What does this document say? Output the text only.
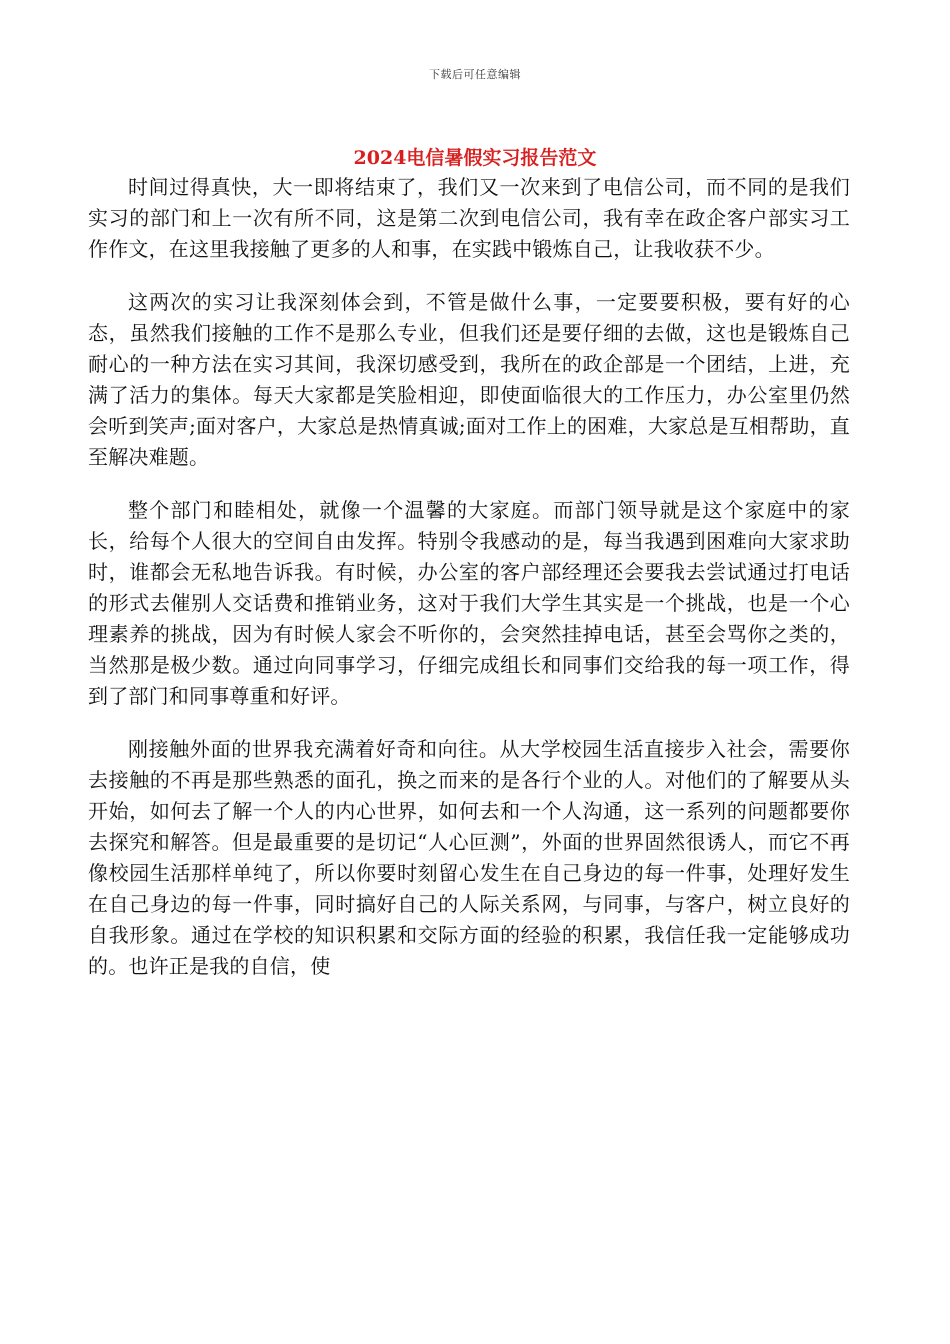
下载后可任意编辑
2024电信暑假实习报告范文

时间过得真快，大一即将结束了，我们又一次来到了电信公司，而不同的是我们实习的部门和上一次有所不同，这是第二次到电信公司，我有幸在政企客户部实习工作作文，在这里我接触了更多的人和事，在实践中锻炼自己，让我收获不少。

这两次的实习让我深刻体会到，不管是做什么事，一定要要积极，要有好的心态，虽然我们接触的工作不是那么专业，但我们还是要仔细的去做，这也是锻炼自己耐心的一种方法在实习其间，我深切感受到，我所在的政企部是一个团结，上进，充满了活力的集体。每天大家都是笑脸相迎，即使面临很大的工作压力，办公室里仍然会听到笑声;面对客户，大家总是热情真诚;面对工作上的困难，大家总是互相帮助，直至解决难题。

整个部门和睦相处，就像一个温馨的大家庭。而部门领导就是这个家庭中的家长，给每个人很大的空间自由发挥。特别令我感动的是，每当我遇到困难向大家求助时，谁都会无私地告诉我。有时候，办公室的客户部经理还会要我去尝试通过打电话的形式去催别人交话费和推销业务，这对于我们大学生其实是一个挑战，也是一个心理素养的挑战，因为有时候人家会不听你的，会突然挂掉电话，甚至会骂你之类的，当然那是极少数。通过向同事学习，仔细完成组长和同事们交给我的每一项工作，得到了部门和同事尊重和好评。

刚接触外面的世界我充满着好奇和向往。从大学校园生活直接步入社会，需要你去接触的不再是那些熟悉的面孔，换之而来的是各行个业的人。对他们的了解要从头开始，如何去了解一个人的内心世界，如何去和一个人沟通，这一系列的问题都要你去探究和解答。但是最重要的是切记“人心叵测”，外面的世界固然很诱人，而它不再像校园生活那样单纯了，所以你要时刻留心发生在自己身边的每一件事，处理好发生在自己身边的每一件事，同时搞好自己的人际关系网，与同事，与客户，树立良好的自我形象。通过在学校的知识积累和交际方面的经验的积累，我信任我一定能够成功的。也许正是我的自信，使
